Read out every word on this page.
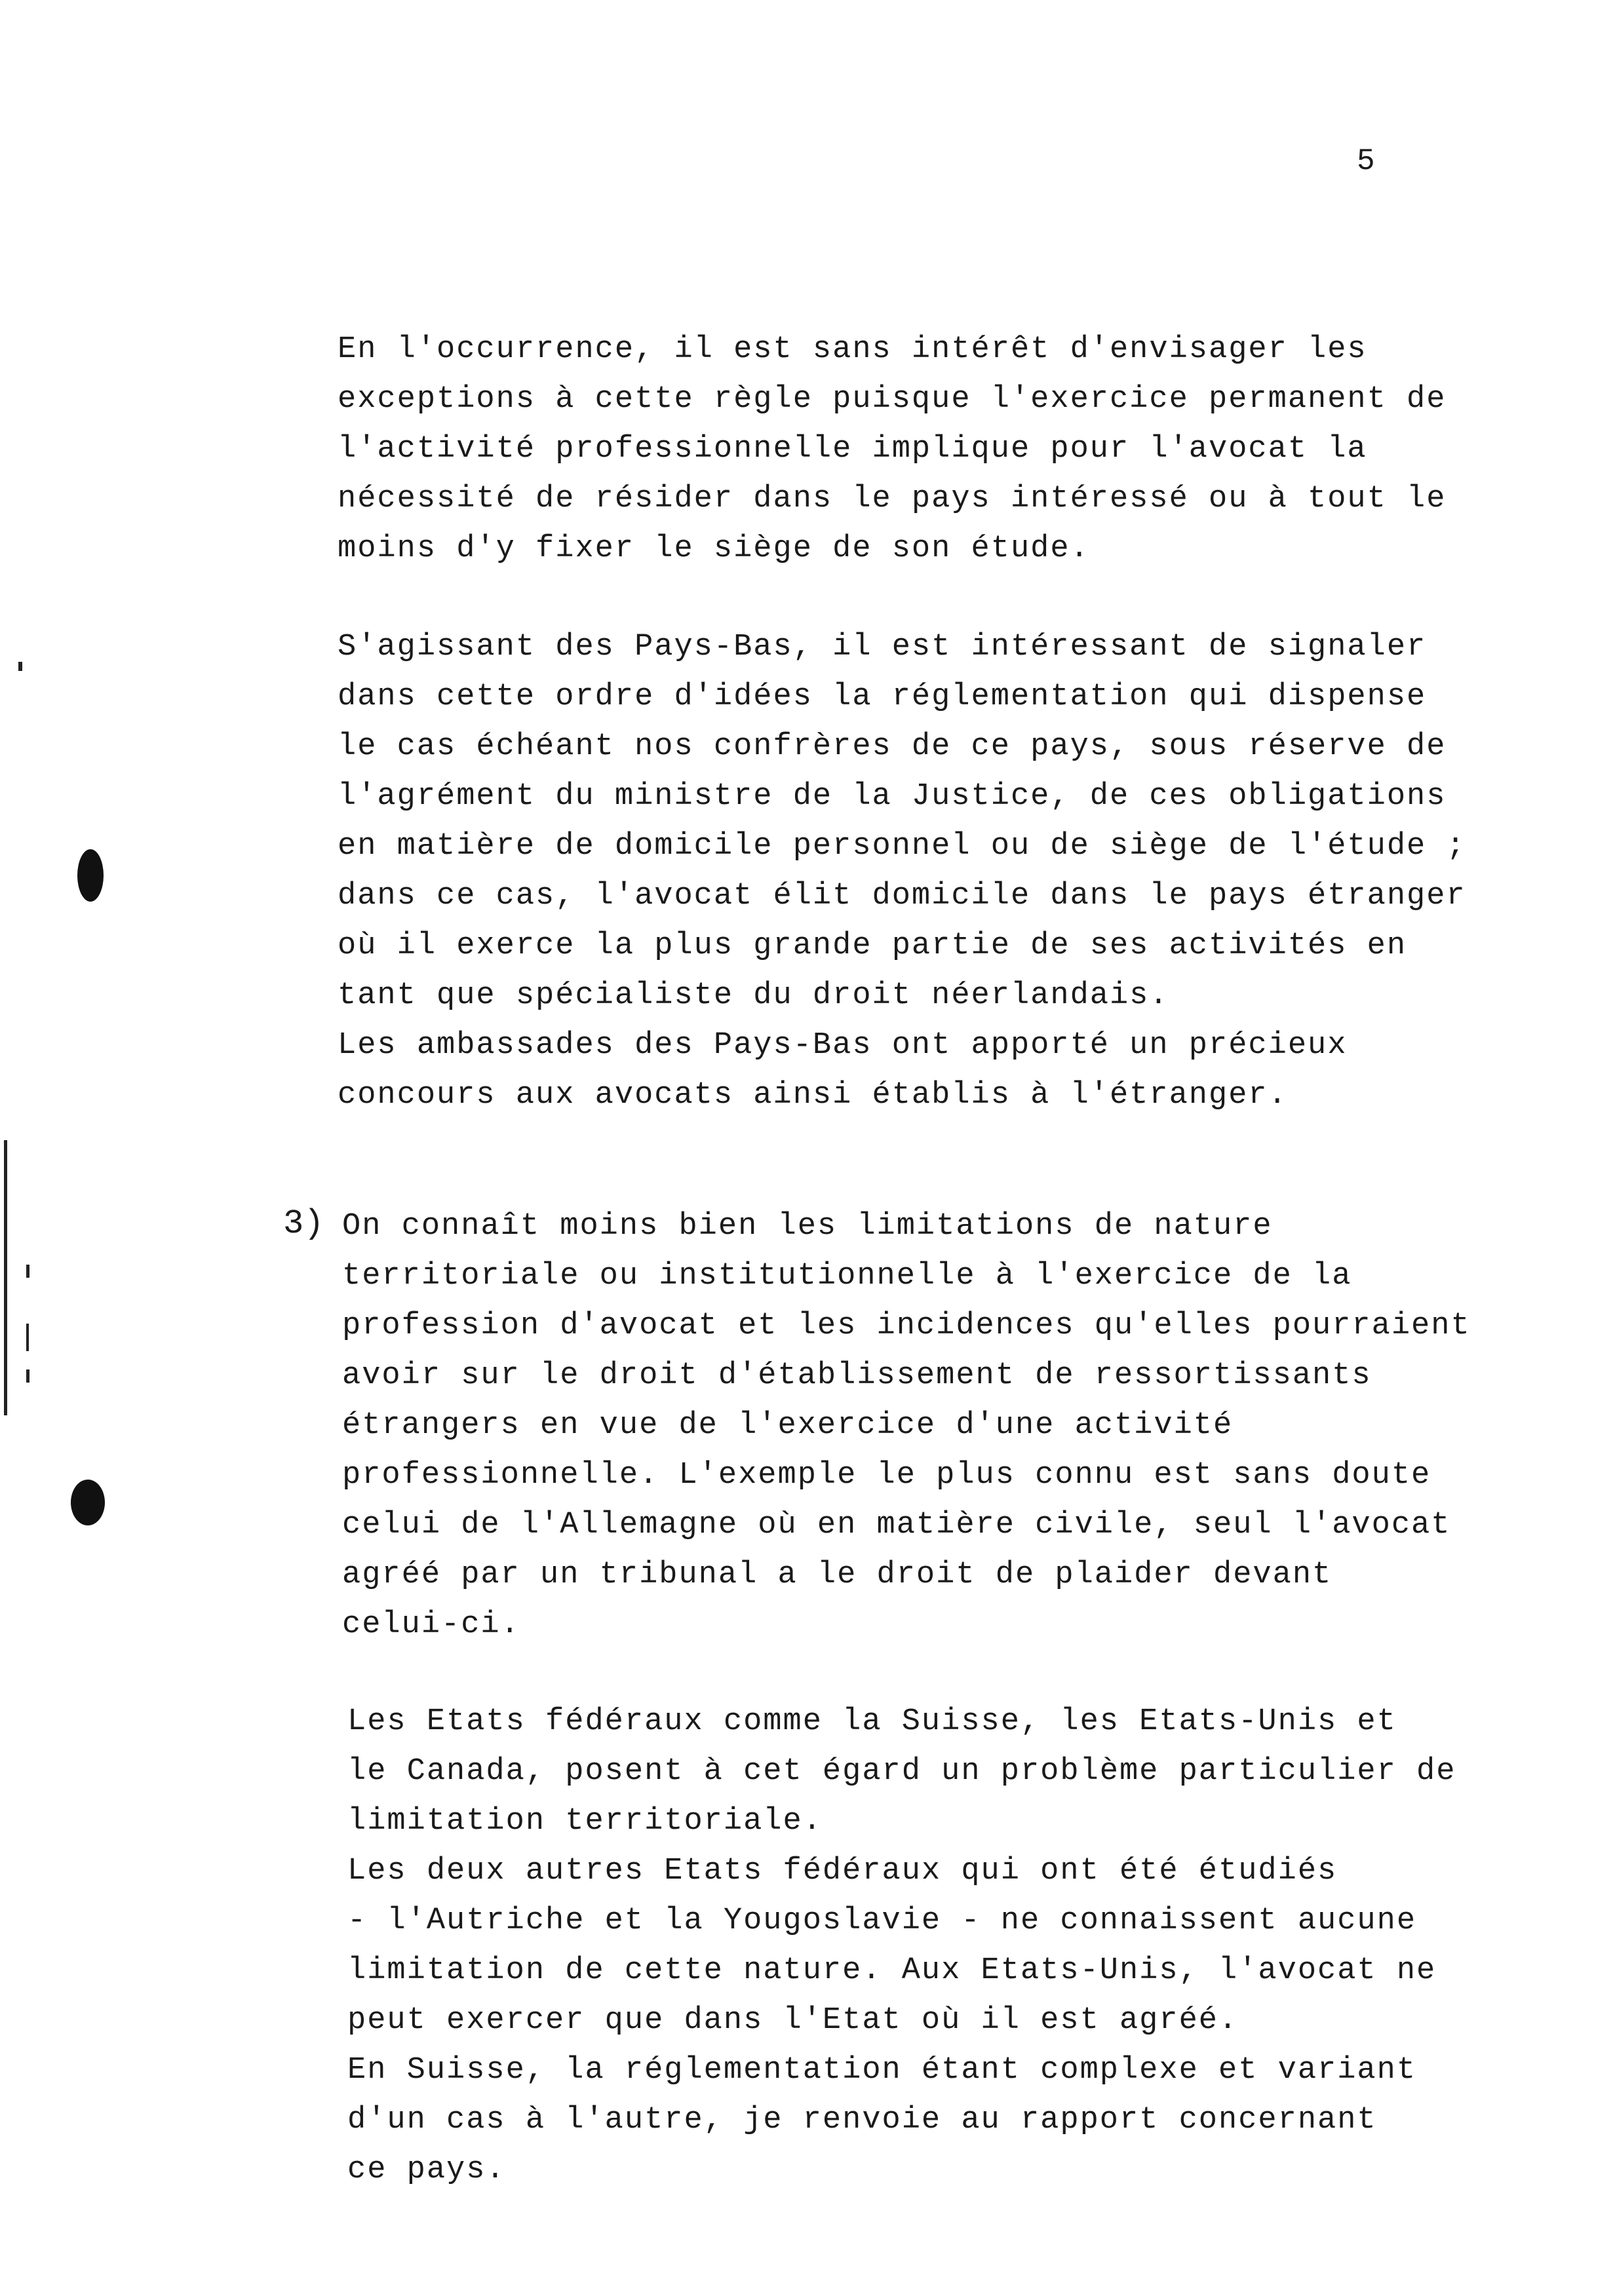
5
En l'occurrence, il est sans intérêt d'envisager les
exceptions à cette règle puisque l'exercice permanent de
l'activité professionnelle implique pour l'avocat la
nécessité de résider dans le pays intéressé ou à tout le
moins d'y fixer le siège de son étude.
S'agissant des Pays-Bas, il est intéressant de signaler
dans cette ordre d'idées la réglementation qui dispense
le cas échéant nos confrères de ce pays, sous réserve de
l'agrément du ministre de la Justice, de ces obligations
en matière de domicile personnel ou de siège de l'étude ;
dans ce cas, l'avocat élit domicile dans le pays étranger
où il exerce la plus grande partie de ses activités en
tant que spécialiste du droit néerlandais.
Les ambassades des Pays-Bas ont apporté un précieux
concours aux avocats ainsi établis à l'étranger.
3) On connaît moins bien les limitations de nature
territoriale ou institutionnelle à l'exercice de la
profession d'avocat et les incidences qu'elles pourraient
avoir sur le droit d'établissement de ressortissants
étrangers en vue de l'exercice d'une activité
professionnelle. L'exemple le plus connu est sans doute
celui de l'Allemagne où en matière civile, seul l'avocat
agréé par un tribunal a le droit de plaider devant
celui-ci.
Les Etats fédéraux comme la Suisse, les Etats-Unis et
le Canada, posent à cet égard un problème particulier de
limitation territoriale.
Les deux autres Etats fédéraux qui ont été étudiés
- l'Autriche et la Yougoslavie - ne connaissent aucune
limitation de cette nature. Aux Etats-Unis, l'avocat ne
peut exercer que dans l'Etat où il est agréé.
En Suisse, la réglementation étant complexe et variant
d'un cas à l'autre, je renvoie au rapport concernant
ce pays.
